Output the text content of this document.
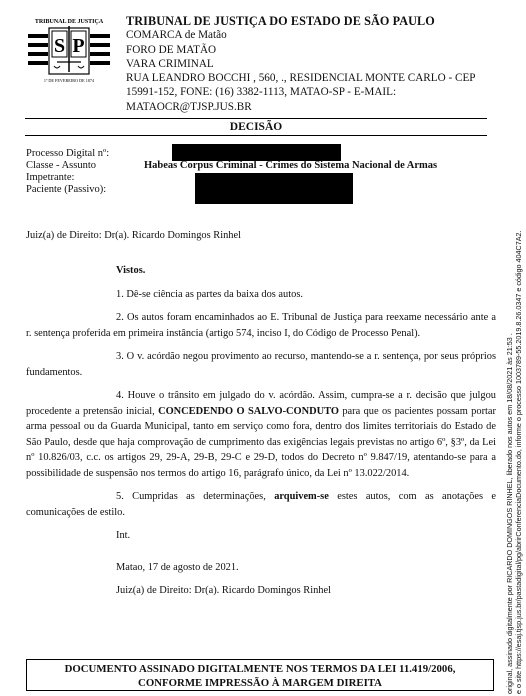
S P
TRIBUNAL DE JUSTIÇA
1º DE FEVEREIRO DE 1874
TRIBUNAL DE JUSTIÇA DO ESTADO DE SÃO PAULO
COMARCA de Matão
FORO DE MATÃO
VARA CRIMINAL
RUA LEANDRO BOCCHI , 560, ., RESIDENCIAL MONTE CARLO - CEP
15991-152, FONE: (16) 3382-1113, MATAO-SP - E-MAIL:
MATAOCR@TJSP.JUS.BR
DECISÃO
Processo Digital nº:
Classe - Assunto	Habeas Corpus Criminal - Crimes do Sistema Nacional de Armas
Impetrante:
Paciente (Passivo):

Juiz(a) de Direito: Dr(a). Ricardo Domingos Rinhel

Vistos.

1. Dê-se ciência as partes da baixa dos autos.

2. Os autos foram encaminhados ao E. Tribunal de Justiça para reexame necessário ante a r. sentença proferida em primeira instância (artigo 574, inciso I, do Código de Processo Penal).

3. O v. acórdão negou provimento ao recurso, mantendo-se a r. sentença, por seus próprios fundamentos.

4. Houve o trânsito em julgado do v. acórdão. Assim, cumpra-se a r. decisão que julgou procedente a pretensão inicial, CONCEDENDO O SALVO-CONDUTO para que os pacientes possam portar arma pessoal ou da Guarda Municipal, tanto em serviço como fora, dentro dos limites territoriais do Estado de São Paulo, desde que haja comprovação de cumprimento das exigências legais previstas no artigo 6º, §3º, da Lei nº 10.826/03, c.c. os artigos 29, 29-A, 29-B, 29-C e 29-D, todos do Decreto nº 9.847/19, atentando-se para a possibilidade de suspensão nos termos do artigo 16, parágrafo único, da Lei nº 13.022/2014.

5. Cumpridas as determinações, arquivem-se estes autos, com as anotações e comunicações de estilo.

Int.

Matao, 17 de agosto de 2021.

Juiz(a) de Direito: Dr(a). Ricardo Domingos Rinhel

DOCUMENTO ASSINADO DIGITALMENTE NOS TERMOS DA LEI 11.419/2006,
CONFORME IMPRESSÃO À MARGEM DIREITA	original, assinado digitalmente por RICARDO DOMINGOS RINHEL, liberado nos autos em 18/08/2021 às 21:53 . e o site https://esaj.tjsp.jus.br/pastadigital/pg/abrirConferenciaDocumento.do, informe o processo 1003789-55.2019.8.26.0347 e código 404C7A2.
